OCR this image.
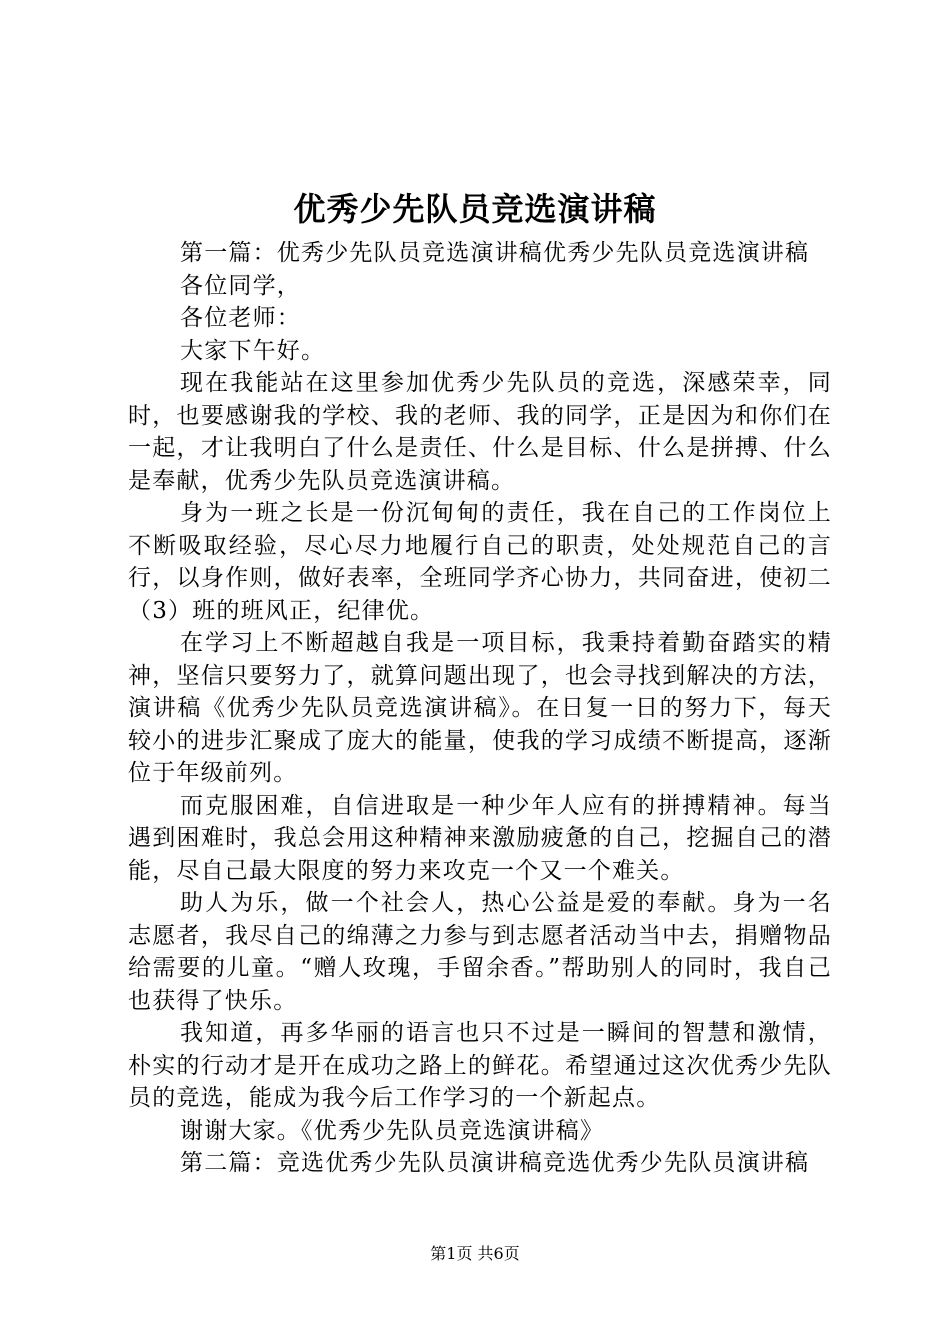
优秀少先队员竞选演讲稿

第一篇：优秀少先队员竞选演讲稿优秀少先队员竞选演讲稿

各位同学，

各位老师：

大家下午好。

现在我能站在这里参加优秀少先队员的竞选，深感荣幸，同时，也要感谢我的学校、我的老师、我的同学，正是因为和你们在一起，才让我明白了什么是责任、什么是目标、什么是拼搏、什么是奉献，优秀少先队员竞选演讲稿。

身为一班之长是一份沉甸甸的责任，我在自己的工作岗位上不断吸取经验，尽心尽力地履行自己的职责，处处规范自己的言行，以身作则，做好表率，全班同学齐心协力，共同奋进，使初二（3）班的班风正，纪律优。

在学习上不断超越自我是一项目标，我秉持着勤奋踏实的精神，坚信只要努力了，就算问题出现了，也会寻找到解决的方法，演讲稿《优秀少先队员竞选演讲稿》。在日复一日的努力下，每天较小的进步汇聚成了庞大的能量，使我的学习成绩不断提高，逐渐位于年级前列。

而克服困难，自信进取是一种少年人应有的拼搏精神。每当遇到困难时，我总会用这种精神来激励疲惫的自己，挖掘自己的潜能，尽自己最大限度的努力来攻克一个又一个难关。

助人为乐，做一个社会人，热心公益是爱的奉献。身为一名志愿者，我尽自己的绵薄之力参与到志愿者活动当中去，捐赠物品给需要的儿童。“赠人玫瑰，手留余香。”帮助别人的同时，我自己也获得了快乐。

我知道，再多华丽的语言也只不过是一瞬间的智慧和激情，朴实的行动才是开在成功之路上的鲜花。希望通过这次优秀少先队员的竞选，能成为我今后工作学习的一个新起点。

谢谢大家。《优秀少先队员竞选演讲稿》

第二篇：竞选优秀少先队员演讲稿竞选优秀少先队员演讲稿

第1页 共6页
